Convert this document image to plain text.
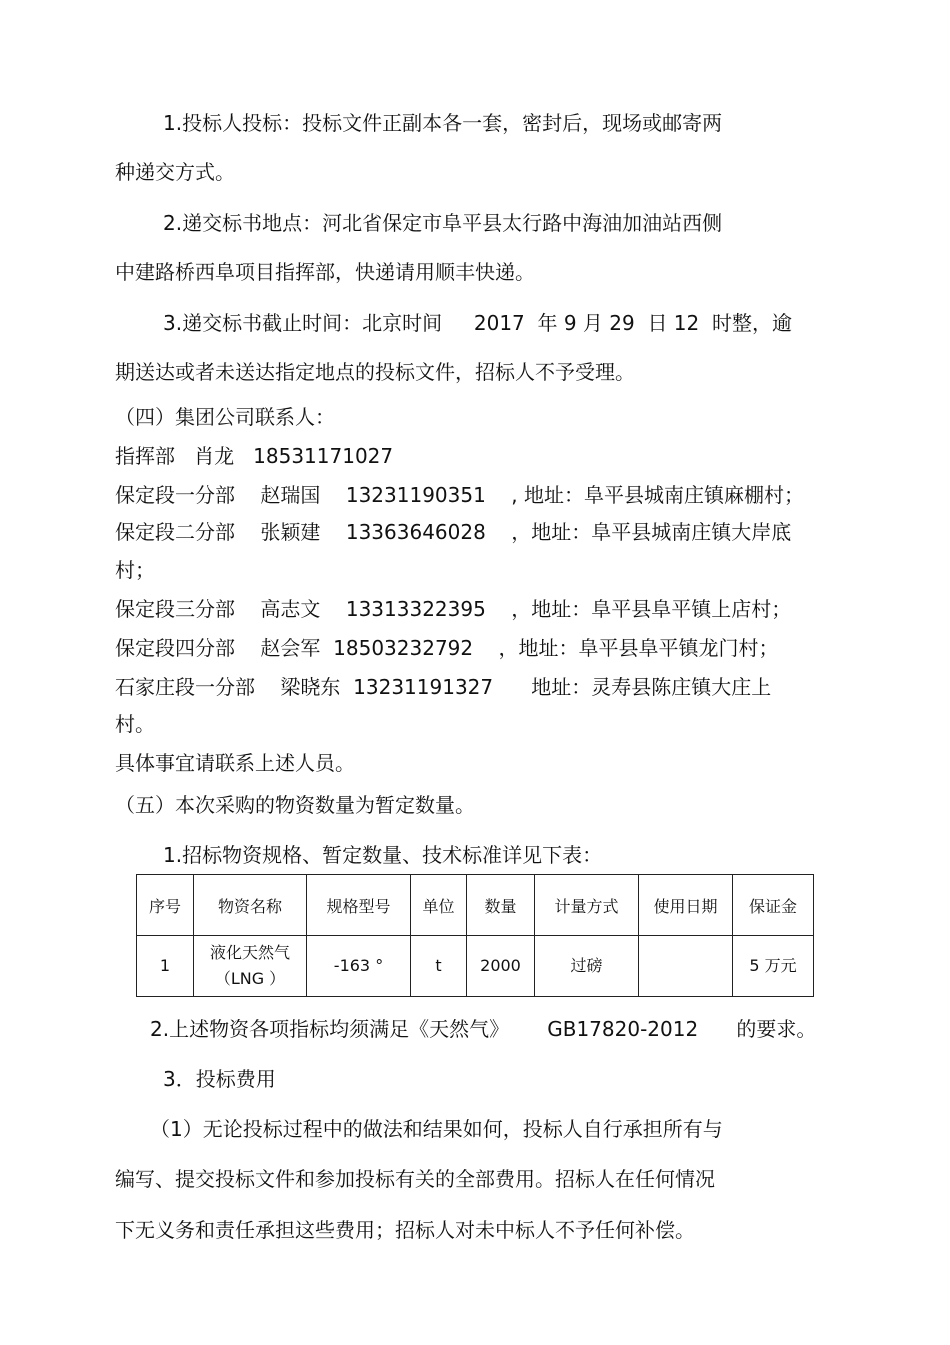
1.投标人投标：投标文件正副本各一套，密封后，现场或邮寄两

种递交方式。

2.递交标书地点：河北省保定市阜平县太行路中海油加油站西侧

中建路桥西阜项目指挥部，快递请用顺丰快递。

3.递交标书截止时间：北京时间     2017  年 9 月 29  日 12  时整，逾

期送达或者未送达指定地点的投标文件，招标人不予受理。

（四）集团公司联系人：

指挥部   肖龙   18531171027

保定段一分部    赵瑞国    13231190351    , 地址：阜平县城南庄镇麻棚村；

保定段二分部    张颖建    13363646028    ，地址：阜平县城南庄镇大岸底

村；

保定段三分部    高志文    13313322395    ，地址：阜平县阜平镇上店村；

保定段四分部    赵会军  18503232792    ，地址：阜平县阜平镇龙门村；

石家庄段一分部    梁晓东  13231191327      地址：灵寿县陈庄镇大庄上

村。

具体事宜请联系上述人员。

（五）本次采购的物资数量为暂定数量。

1.招标物资规格、暂定数量、技术标准详见下表：

序号	物资名称	规格型号	单位	数量	计量方式	使用日期	保证金
1	液化天然气
（LNG ）	-163 °	t	2000	过磅		5 万元

2.上述物资各项指标均须满足《天然气》      GB17820-2012      的要求。

3．投标费用

（1）无论投标过程中的做法和结果如何，投标人自行承担所有与

编写、提交投标文件和参加投标有关的全部费用。招标人在任何情况

下无义务和责任承担这些费用；招标人对未中标人不予任何补偿。
